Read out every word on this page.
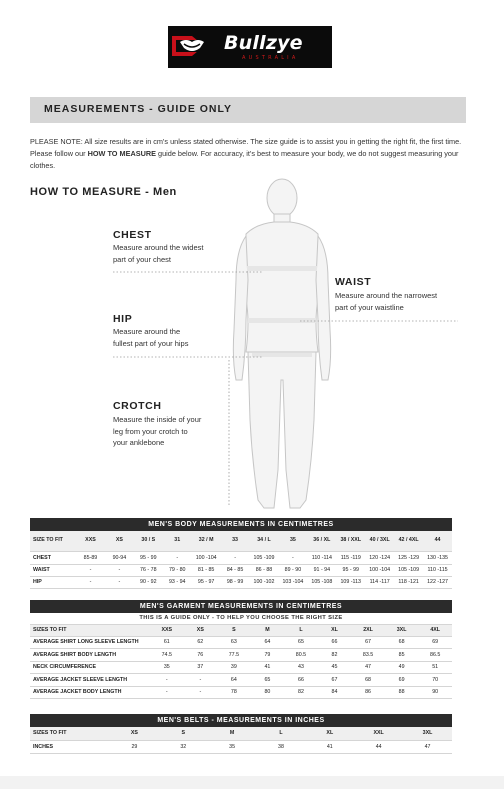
Bullzye
AUSTRALIA
MEASUREMENTS - GUIDE ONLY

PLEASE NOTE: All size results are in cm's unless stated otherwise. The size guide is to assist you in getting the right fit, the first time. Please follow our HOW TO MEASURE guide below. For accuracy, it's best to measure your body, we do not suggest measuring your clothes.

HOW TO MEASURE - Men
CHEST
Measure around the widest
part of your chest
WAIST
Measure around the narrowest
part of your waistline
HIP
Measure around the
fullest part of your hips
CROTCH
Measure the inside of your
leg from your crotch to
your anklebone
MEN'S BODY MEASUREMENTS IN CENTIMETRES													
SIZE TO FIT	XXS	XS	30 / S	31	32 / M	33	34 / L	35	36 / XL	38 / XXL	40 / 3XL	42 / 4XL	44
CHEST	85-89	90-94	95 - 99	-	100 -104	-	105 -109	-	110 -114	115 -119	120 -124	125 -129	130 -135
WAIST	-	-	76 - 78	79 - 80	81 - 85	84 - 85	86 - 88	89 - 90	91 - 94	95 - 99	100 -104	105 -109	110 -115
HIP	-	-	90 - 92	93 - 94	95 - 97	98 - 99	100 -102	103 -104	105 -108	109 -113	114 -117	118 -121	122 -127
MEN'S GARMENT MEASUREMENTS IN CENTIMETRES									
THIS IS A GUIDE ONLY - TO HELP YOU CHOOSE THE RIGHT SIZE									
SIZES TO FIT	XXS	XS	S	M	L	XL	2XL	3XL	4XL
AVERAGE SHIRT LONG SLEEVE LENGTH	61	62	63	64	65	66	67	68	69
AVERAGE SHIRT BODY LENGTH	74.5	76	77.5	79	80.5	82	83.5	85	86.5
NECK CIRCUMFERENCE	35	37	39	41	43	45	47	49	51
AVERAGE JACKET SLEEVE LENGTH	-	-	64	65	66	67	68	69	70
AVERAGE JACKET BODY LENGTH	-	-	78	80	82	84	86	88	90
MEN'S BELTS - MEASUREMENTS IN INCHES							
SIZES TO FIT	XS	S	M	L	XL	XXL	3XL
INCHES	29	32	35	38	41	44	47
